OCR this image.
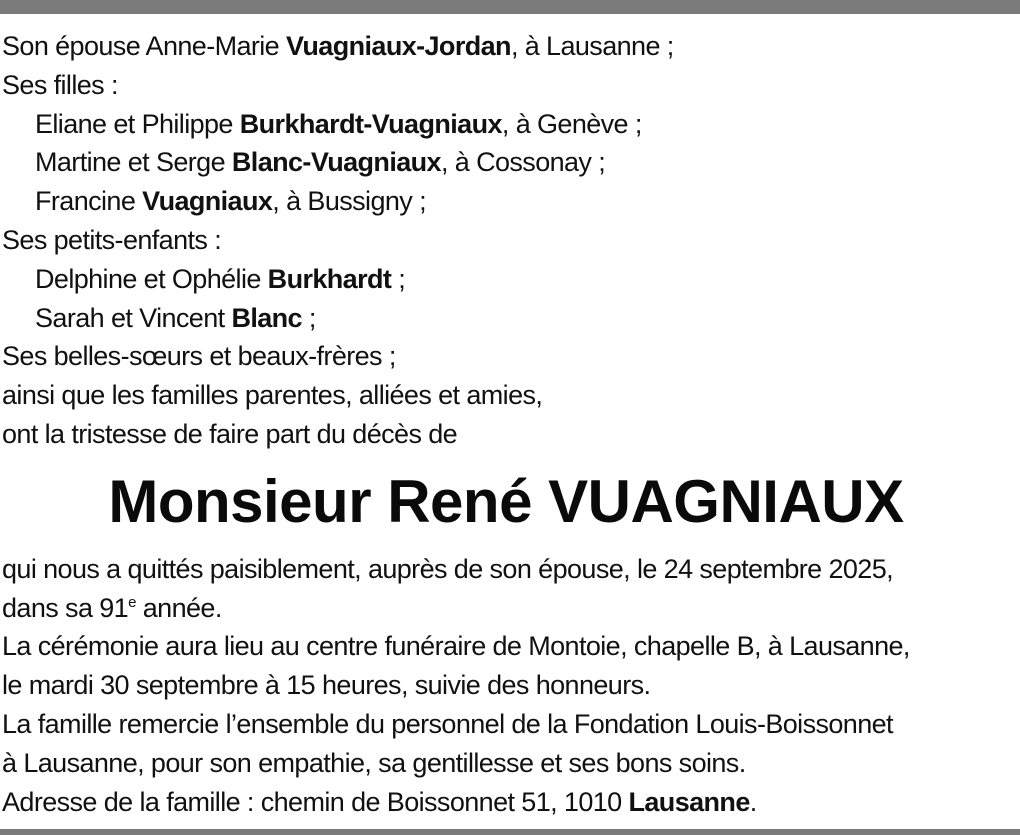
Son épouse Anne-Marie Vuagniaux-Jordan, à Lausanne ;
Ses filles :
Eliane et Philippe Burkhardt-Vuagniaux, à Genève ;
Martine et Serge Blanc-Vuagniaux, à Cossonay ;
Francine Vuagniaux, à Bussigny ;
Ses petits-enfants :
Delphine et Ophélie Burkhardt ;
Sarah et Vincent Blanc ;
Ses belles-sœurs et beaux-frères ;
ainsi que les familles parentes, alliées et amies,
ont la tristesse de faire part du décès de
Monsieur René VUAGNIAUX
qui nous a quittés paisiblement, auprès de son épouse, le 24 septembre 2025,
dans sa 91e année.
La cérémonie aura lieu au centre funéraire de Montoie, chapelle B, à Lausanne,
le mardi 30 septembre à 15 heures, suivie des honneurs.
La famille remercie l’ensemble du personnel de la Fondation Louis-Boissonnet
à Lausanne, pour son empathie, sa gentillesse et ses bons soins.
Adresse de la famille : chemin de Boissonnet 51, 1010 Lausanne.
